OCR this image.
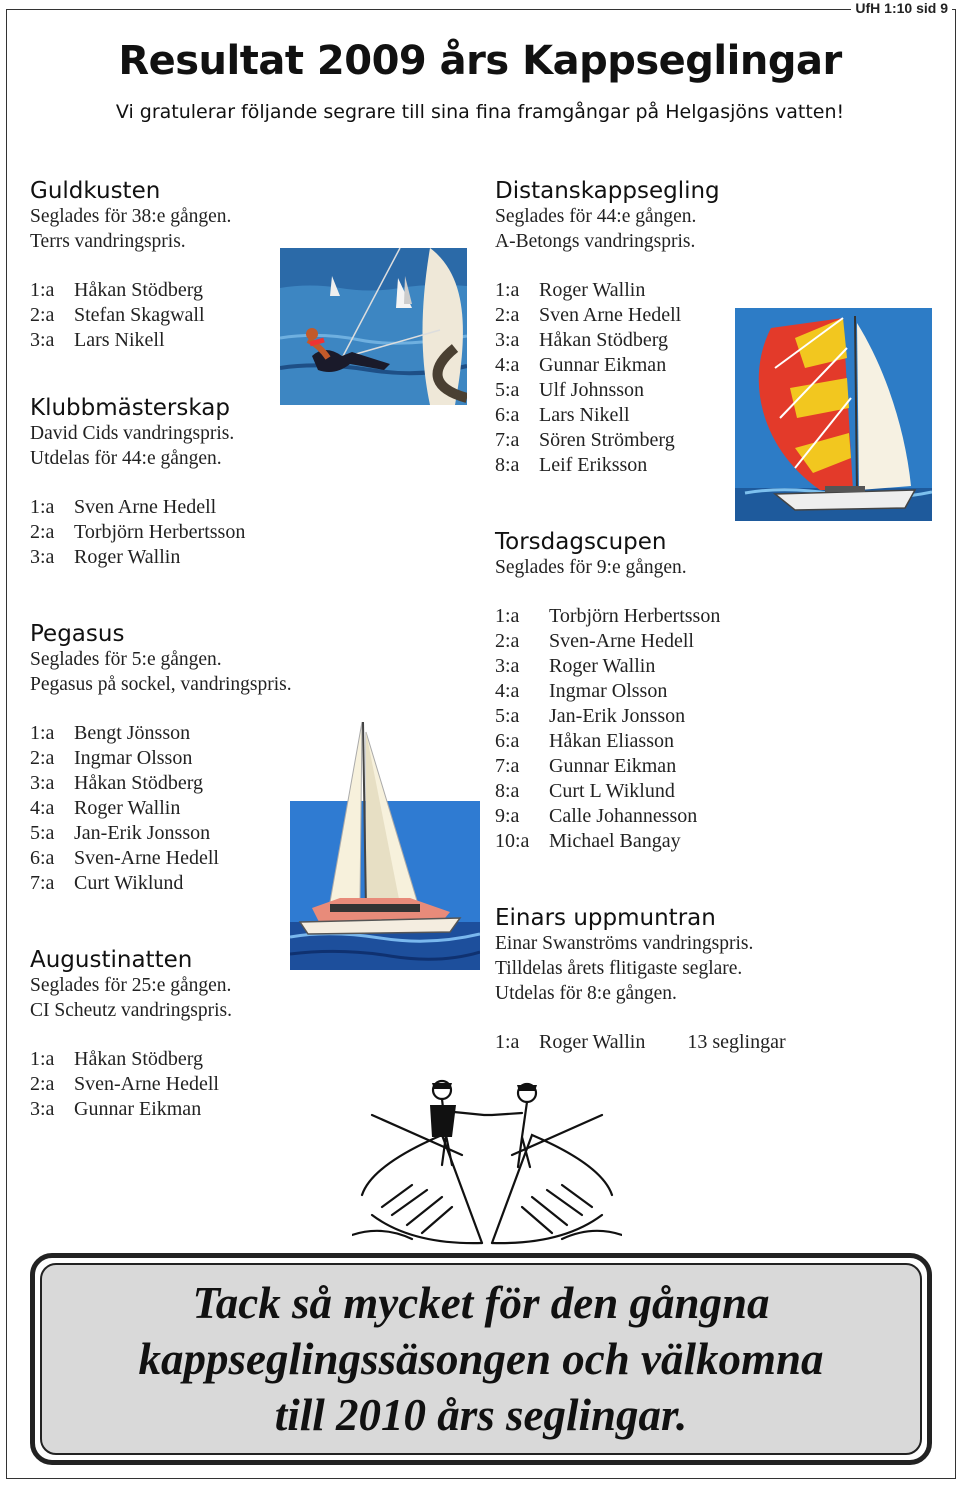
UfH 1:10 sid 9
Resultat 2009 års Kappseglingar
Vi gratulerar följande segrare till sina fina framgångar på Helgasjöns vatten!
Guldkusten
Seglades för 38:e gången.
Terrs vandringspris.
1:a Håkan Stödberg
2:a Stefan Skagwall
3:a Lars Nikell
Klubbmästerskap
David Cids vandringspris.
Utdelas för 44:e gången.
1:a Sven Arne Hedell
2:a Torbjörn Herbertsson
3:a Roger Wallin
Pegasus
Seglades för 5:e gången.
Pegasus på sockel, vandringspris.
1:a Bengt Jönsson
2:a Ingmar Olsson
3:a Håkan Stödberg
4:a Roger Wallin
5:a Jan-Erik Jonsson
6:a Sven-Arne Hedell
7:a Curt Wiklund
Augustinatten
Seglades för 25:e gången.
CI Scheutz vandringspris.
1:a Håkan Stödberg
2:a Sven-Arne Hedell
3:a Gunnar Eikman
Distanskappsegling
Seglades för 44:e gången.
A-Betongs vandringspris.
1:a Roger Wallin
2:a Sven Arne Hedell
3:a Håkan Stödberg
4:a Gunnar Eikman
5:a Ulf Johnsson
6:a Lars Nikell
7:a Sören Strömberg
8:a Leif Eriksson
Torsdagscupen
Seglades för 9:e gången.
1:a Torbjörn Herbertsson
2:a Sven-Arne Hedell
3:a Roger Wallin
4:a Ingmar Olsson
5:a Jan-Erik Jonsson
6:a Håkan Eliasson
7:a Gunnar Eikman
8:a Curt L Wiklund
9:a Calle Johannesson
10:a Michael Bangay
Einars uppmuntran
Einar Swanströms vandringspris.
Tilldelas årets flitigaste seglare.
Utdelas för 8:e gången.
1:a Roger Wallin 13 seglingar
Tack så mycket för den gångna
kappseglingssäsongen och välkomna
till 2010 års seglingar.
